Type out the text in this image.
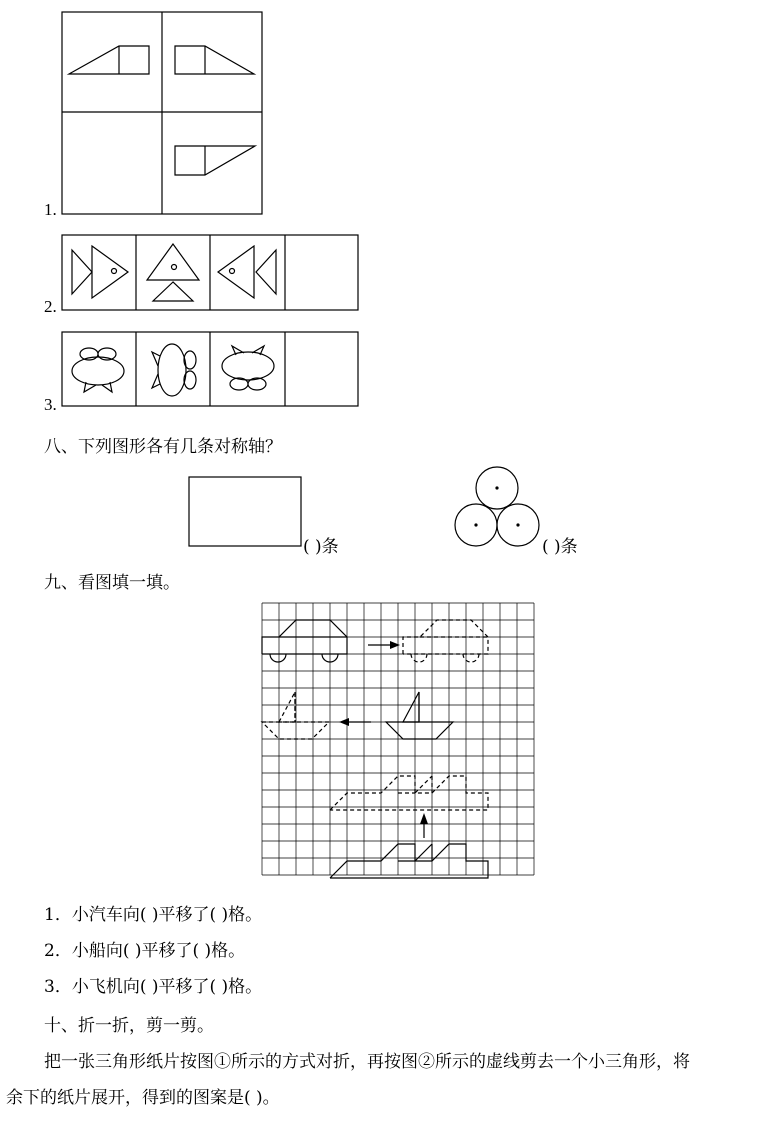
1.
2.
3.
八、下列图形各有几条对称轴？
( )条	( )条
九、看图填一填。
1．小汽车向( )平移了( )格。
2．小船向( )平移了( )格。
3．小飞机向( )平移了( )格。
十、折一折，剪一剪。
把一张三角形纸片按图①所示的方式对折，再按图②所示的虚线剪去一个小三角形，将
余下的纸片展开，得到的图案是( )。
